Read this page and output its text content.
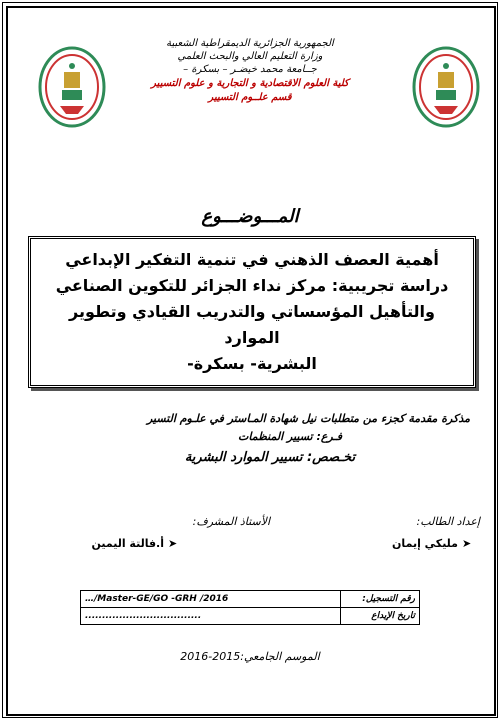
الجمهورية الجزائرية الديمقراطية الشعبية
وزارة التعليم العالي والبحث العلمي
جــامعة محمد خيضـر – بسكرة –
كلية العلوم الاقتصادية و التجارية و علوم التسيير
قسم علــوم التسيير
المـــوضـــوع
أهمية العصف الذهني في تنمية التفكير الإبداعي
دراسة تجريبية: مركز نداء الجزائر للتكوين الصناعي
والتأهيل المؤسساتي والتدريب القيادي وتطوير الموارد
البشرية- بسكرة-
مذكرة مقدمة كجزء من متطلبات نيل شهادة المـاستر في علـوم التسير
فـرع: تسيير المنظمات
تخـصص: تسيير الموارد البشرية
إعداد الطالب:
الأستاذ المشرف:
➤
مليكي إيمان
➤
أ.فالتة اليمين
…/Master-GE/GO -GRH /2016	رقم التسجيل:
..................................	تاريخ الإيداع
الموسم الجامعي:2015-2016
